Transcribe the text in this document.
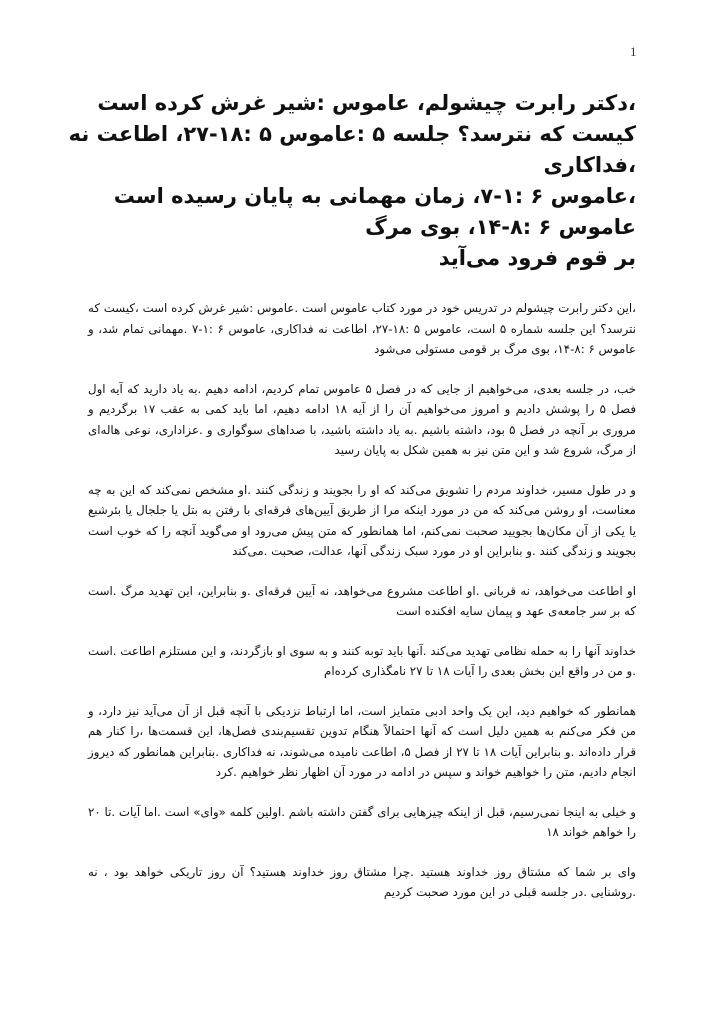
1
،دکتر رابرت چیشولم، عاموس :شیر غرش کرده است
کیست که نترسد؟ جلسه ۵ :عاموس ۵ :۱۸-۲۷، اطاعت نه
،فداکاری
،عاموس ۶ :۱-۷، زمان مهمانی به پایان رسیده است
عاموس ۶ :۸-۱۴، بوی مرگ
بر قوم فرود می‌آید

،این دکتر رابرت چیشولم در تدریس خود در مورد کتاب عاموس است .عاموس :شیر غرش کرده است ،کیست که نترسد؟ این جلسه شماره ۵ است، عاموس ۵ :۱۸-۲۷، اطاعت نه فداکاری، عاموس ۶ :۱-۷ .مهمانی تمام شد، و عاموس ۶ :۸-۱۴، بوی مرگ بر قومی مستولی می‌شود

خب، در جلسه بعدی، می‌خواهیم از جایی که در فصل ۵ عاموس تمام کردیم، ادامه دهیم .به یاد دارید که آیه اول فصل ۵ را پوشش دادیم و امروز می‌خواهیم آن را از آیه ۱۸ ادامه دهیم، اما باید کمی به عقب ۱۷ برگردیم و مروری بر آنچه در فصل ۵ بود، داشته باشیم .به یاد داشته باشید، با صداهای سوگواری و .عزاداری، نوعی هاله‌ای از مرگ، شروع شد و این متن نیز به همین شکل به پایان رسید

و در طول مسیر، خداوند مردم را تشویق می‌کند که او را بجویند و زندگی کنند .او مشخص نمی‌کند که این به چه معناست، او روشن می‌کند که من در مورد اینکه مرا از طریق آیین‌های فرقه‌ای با رفتن به بتل یا جلجال یا بئرشبع یا یکی از آن مکان‌ها بجویید صحبت نمی‌کنم، اما همانطور که متن پیش می‌رود او می‌گوید آنچه را که خوب است بجویند و زندگی کنند .و بنابراین او در مورد سبک زندگی آنها، عدالت، صحبت .می‌کند

او اطاعت می‌خواهد، نه قربانی .او اطاعت مشروع می‌خواهد، نه آیین فرقه‌ای .و بنابراین، این تهدید مرگ .است که بر سر جامعه‌ی عهد و پیمان سایه افکنده است

خداوند آنها را به حمله نظامی تهدید می‌کند .آنها باید توبه کنند و به سوی او بازگردند، و این مستلزم اطاعت .است .و من در واقع این بخش بعدی را آیات ۱۸ تا ۲۷ نامگذاری کرده‌ام

همانطور که خواهیم دید، این یک واحد ادبی متمایز است، اما ارتباط نزدیکی با آنچه قبل از آن می‌آید نیز دارد، و من فکر می‌کنم به همین دلیل است که آنها احتمالاً هنگام تدوین تقسیم‌بندی فصل‌ها، این قسمت‌ها ،را کنار هم قرار داده‌اند .و بنابراین آیات ۱۸ تا ۲۷ از فصل ۵، اطاعت نامیده می‌شوند، نه فداکاری .بنابراین همانطور که دیروز انجام دادیم، متن را خواهیم خواند و سپس در ادامه در مورد آن اظهار نظر خواهیم .کرد

و خیلی به اینجا نمی‌رسیم، قبل از اینکه چیزهایی برای گفتن داشته باشم .اولین کلمه «وای» است .اما آیات .تا ۲۰ را خواهم خواند ۱۸

وای بر شما که مشتاق روز خداوند هستید .چرا مشتاق روز خداوند هستید؟ آن روز تاریکی خواهد بود ، نه .روشنایی .در جلسه قبلی در این مورد صحبت کردیم
